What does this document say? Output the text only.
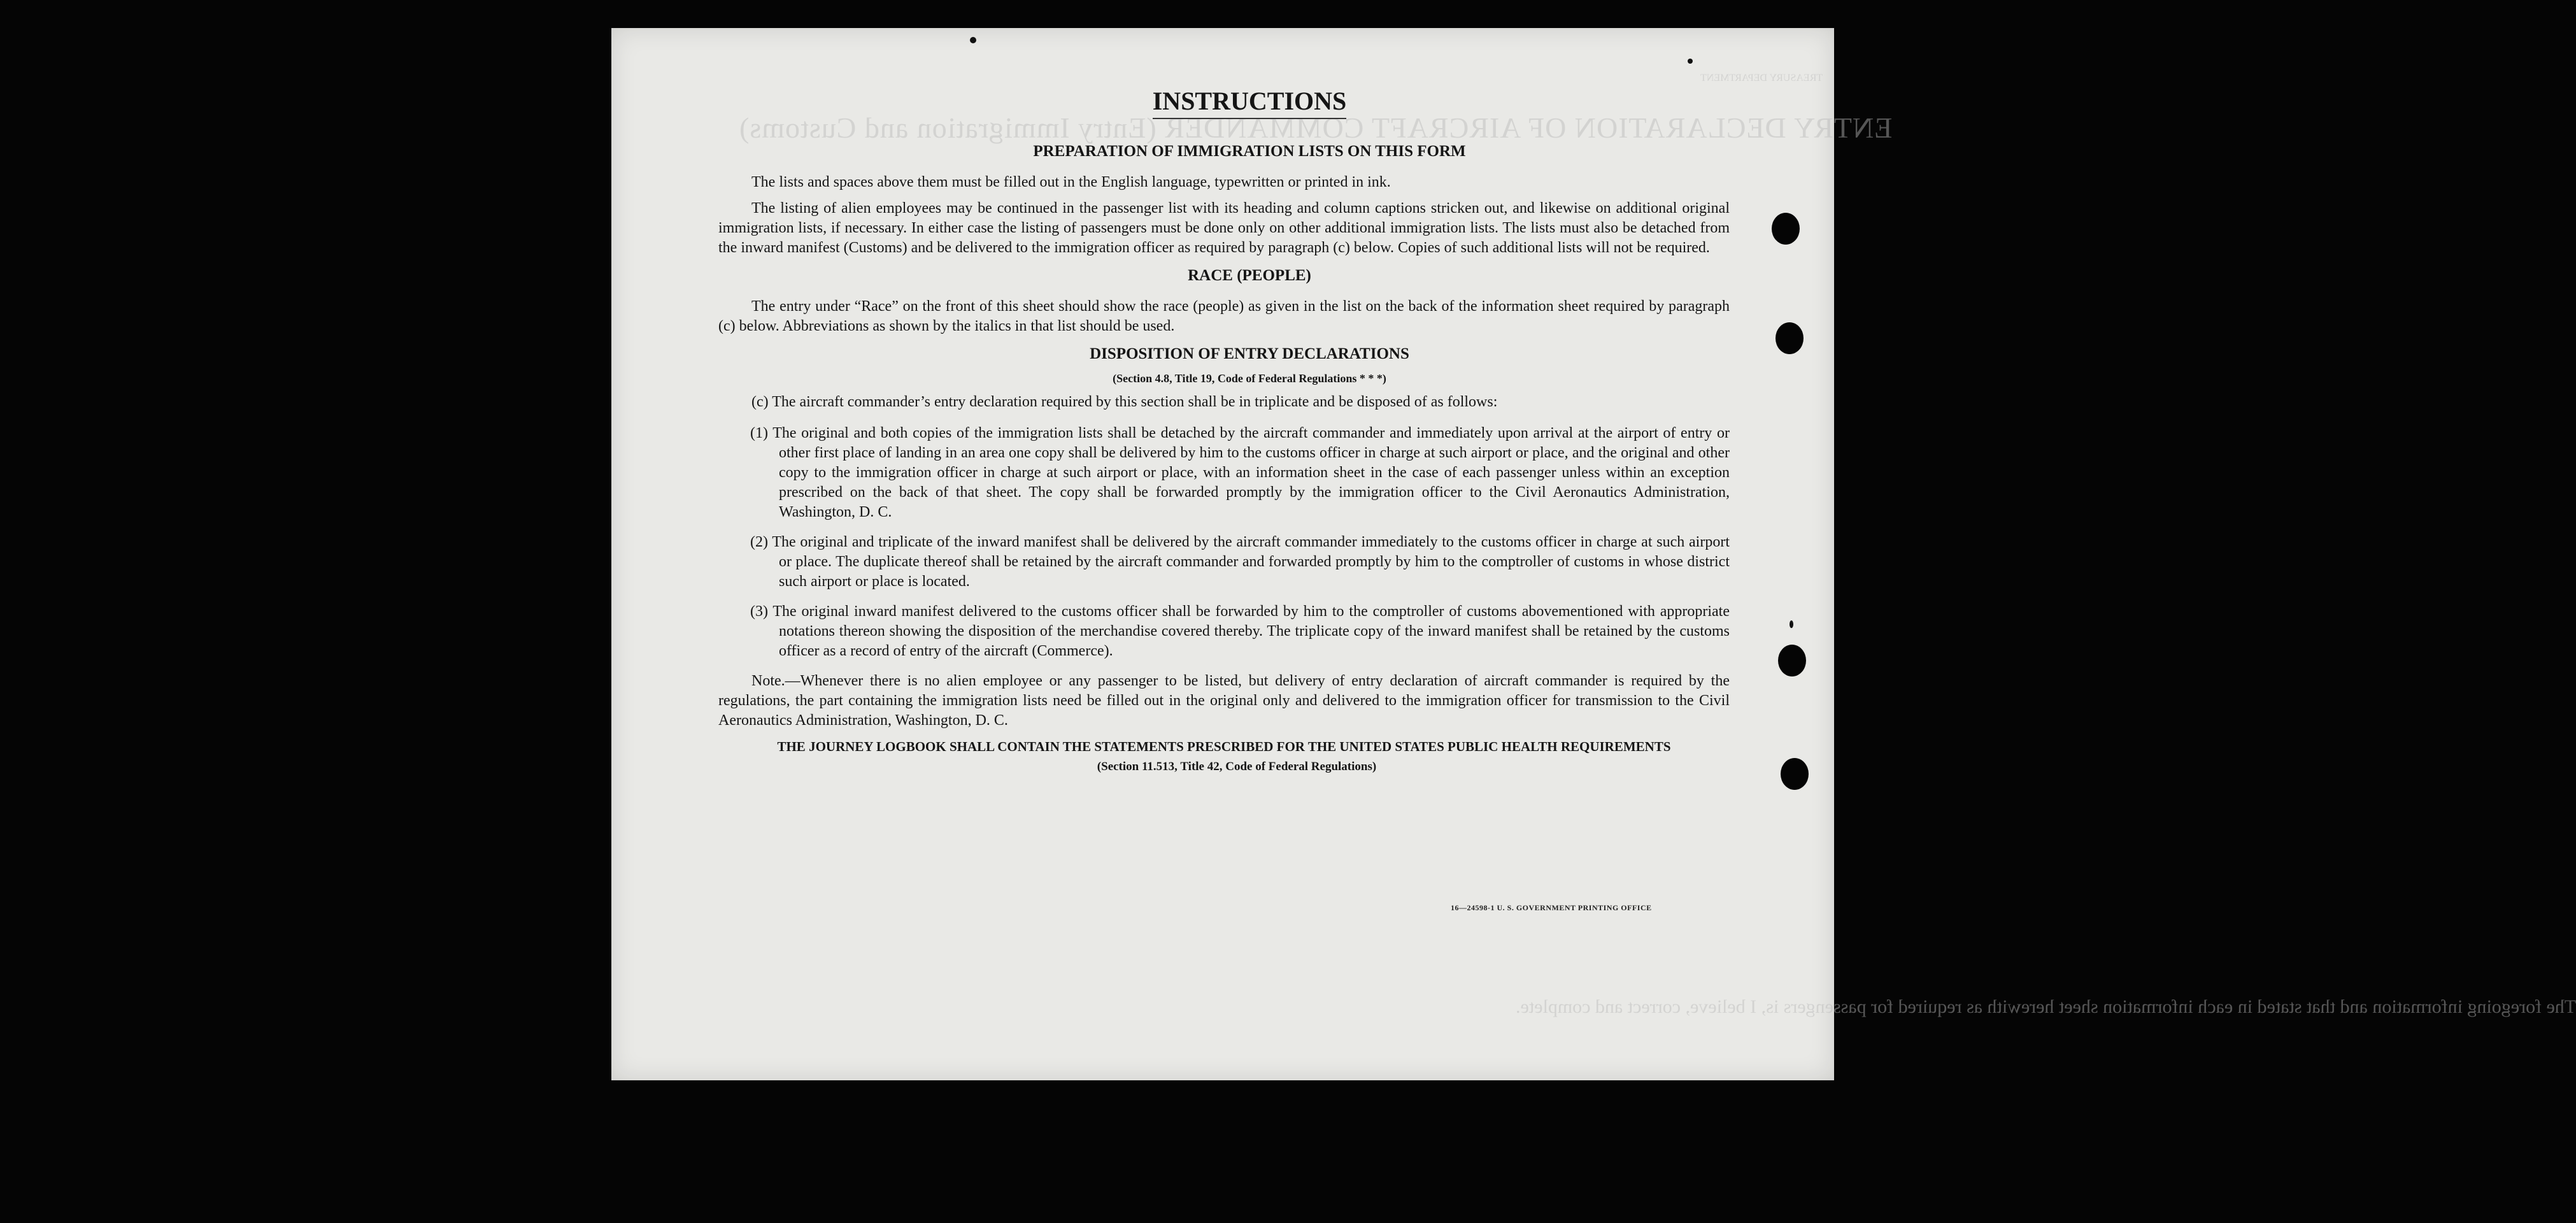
ENTRY DECLARATION OF AIRCRAFT COMMANDER (Entry Immigration and Customs)
TREASURY DEPARTMENT
The foregoing information and that stated in each information sheet herewith as required for passengers is, I believe, correct and complete.
INSTRUCTIONS
PREPARATION OF IMMIGRATION LISTS ON THIS FORM

The lists and spaces above them must be filled out in the English language, typewritten or printed in ink.

The listing of alien employees may be continued in the passenger list with its heading and column captions stricken out, and likewise on additional original immigration lists, if necessary. In either case the listing of passengers must be done only on other additional immigration lists. The lists must also be detached from the inward manifest (Customs) and be delivered to the immigration officer as required by paragraph (c) below. Copies of such additional lists will not be required.

RACE (PEOPLE)

The entry under “Race” on the front of this sheet should show the race (people) as given in the list on the back of the information sheet required by paragraph (c) below. Abbreviations as shown by the italics in that list should be used.

DISPOSITION OF ENTRY DECLARATIONS
(Section 4.8, Title 19, Code of Federal Regulations * * *)

(c) The aircraft commander’s entry declaration required by this section shall be in triplicate and be disposed of as follows:

(1) The original and both copies of the immigration lists shall be detached by the aircraft commander and immediately upon arrival at the airport of entry or other first place of landing in an area one copy shall be delivered by him to the customs officer in charge at such airport or place, and the original and other copy to the immigration officer in charge at such airport or place, with an information sheet in the case of each passenger unless within an exception prescribed on the back of that sheet. The copy shall be forwarded promptly by the immigration officer to the Civil Aeronautics Administration, Washington, D. C.
(2) The original and triplicate of the inward manifest shall be delivered by the aircraft commander immediately to the customs officer in charge at such airport or place. The duplicate thereof shall be retained by the aircraft commander and forwarded promptly by him to the comptroller of customs in whose district such airport or place is located.
(3) The original inward manifest delivered to the customs officer shall be forwarded by him to the comptroller of customs abovementioned with appropriate notations thereon showing the disposition of the merchandise covered thereby. The triplicate copy of the inward manifest shall be retained by the customs officer as a record of entry of the aircraft (Commerce).

Note.—Whenever there is no alien employee or any passenger to be listed, but delivery of entry declaration of aircraft commander is required by the regulations, the part containing the immigration lists need be filled out in the original only and delivered to the immigration officer for transmission to the Civil Aeronautics Administration, Washington, D. C.

THE JOURNEY LOGBOOK SHALL CONTAIN THE STATEMENTS PRESCRIBED FOR THE UNITED STATES PUBLIC HEALTH REQUIREMENTS
(Section 11.513, Title 42, Code of Federal Regulations)
16—24598-1 U. S. GOVERNMENT PRINTING OFFICE
